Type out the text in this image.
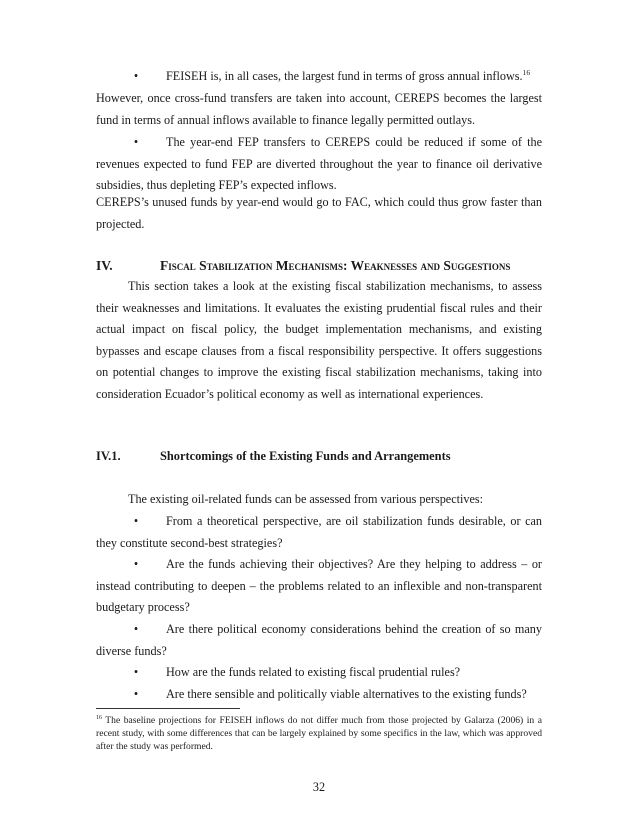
• FEISEH is, in all cases, the largest fund in terms of gross annual inflows.$^{16}$

However, once cross-fund transfers are taken into account, CEREPS becomes the largest fund in terms of annual inflows available to finance legally permitted outlays.

• The year-end FEP transfers to CEREPS could be reduced if some of the revenues expected to fund FEP are diverted throughout the year to finance oil derivative subsidies, thus depleting FEP’s expected inflows.

CEREPS’s unused funds by year-end would go to FAC, which could thus grow faster than projected.

IV.	Fiscal Stabilization Mechanisms: Weaknesses and Suggestions

This section takes a look at the existing fiscal stabilization mechanisms, to assess their weaknesses and limitations. It evaluates the existing prudential fiscal rules and their actual impact on fiscal policy, the budget implementation mechanisms, and existing bypasses and escape clauses from a fiscal responsibility perspective. It offers suggestions on potential changes to improve the existing fiscal stabilization mechanisms, taking into consideration Ecuador’s political economy as well as international experiences.

IV.1.	Shortcomings of the Existing Funds and Arrangements

The existing oil-related funds can be assessed from various perspectives:

• From a theoretical perspective, are oil stabilization funds desirable, or can they constitute second-best strategies?

• Are the funds achieving their objectives? Are they helping to address – or instead contributing to deepen – the problems related to an inflexible and non-transparent budgetary process?

• Are there political economy considerations behind the creation of so many diverse funds?

• How are the funds related to existing fiscal prudential rules?

• Are there sensible and politically viable alternatives to the existing funds?

$^{16}$ The baseline projections for FEISEH inflows do not differ much from those projected by Galarza (2006) in a recent study, with some differences that can be largely explained by some specifics in the law, which was approved after the study was performed.

32
